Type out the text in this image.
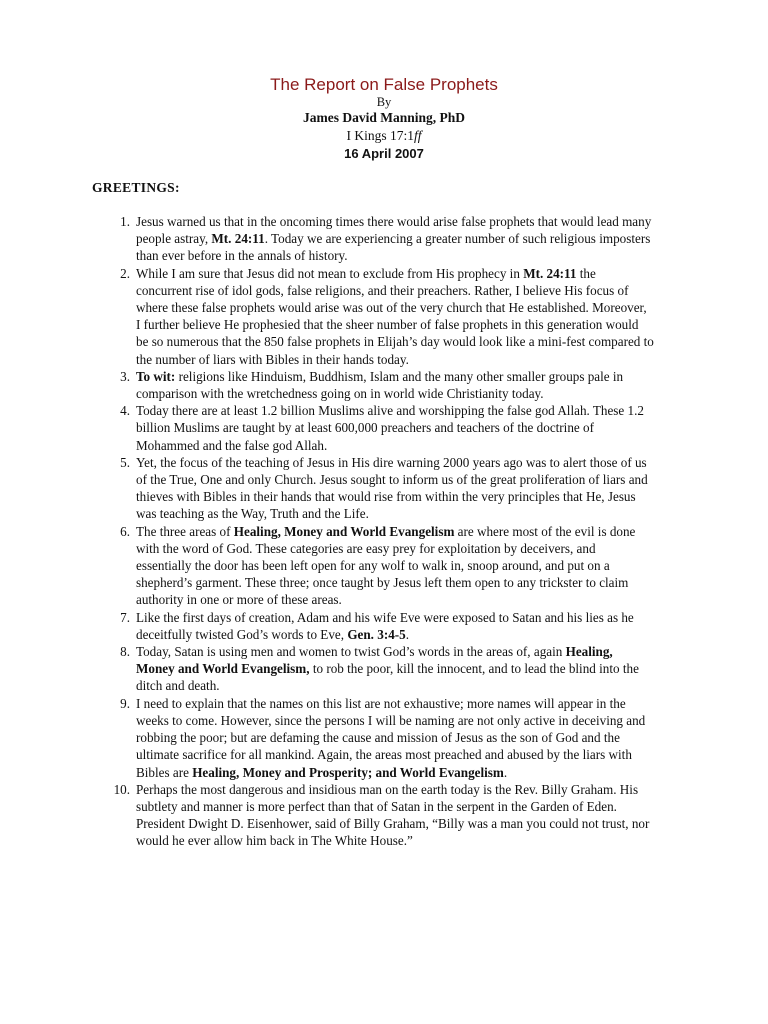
The Report on False Prophets
By
James David Manning, PhD
I Kings 17:1ff
16 April 2007
GREETINGS:
1. Jesus warned us that in the oncoming times there would arise false prophets that would lead many people astray, Mt. 24:11. Today we are experiencing a greater number of such religious imposters than ever before in the annals of history.
2. While I am sure that Jesus did not mean to exclude from His prophecy in Mt. 24:11 the concurrent rise of idol gods, false religions, and their preachers. Rather, I believe His focus of where these false prophets would arise was out of the very church that He established. Moreover, I further believe He prophesied that the sheer number of false prophets in this generation would be so numerous that the 850 false prophets in Elijah’s day would look like a mini-fest compared to the number of liars with Bibles in their hands today.
3. To wit: religions like Hinduism, Buddhism, Islam and the many other smaller groups pale in comparison with the wretchedness going on in world wide Christianity today.
4. Today there are at least 1.2 billion Muslims alive and worshipping the false god Allah. These 1.2 billion Muslims are taught by at least 600,000 preachers and teachers of the doctrine of Mohammed and the false god Allah.
5. Yet, the focus of the teaching of Jesus in His dire warning 2000 years ago was to alert those of us of the True, One and only Church. Jesus sought to inform us of the great proliferation of liars and thieves with Bibles in their hands that would rise from within the very principles that He, Jesus was teaching as the Way, Truth and the Life.
6. The three areas of Healing, Money and World Evangelism are where most of the evil is done with the word of God. These categories are easy prey for exploitation by deceivers, and essentially the door has been left open for any wolf to walk in, snoop around, and put on a shepherd’s garment. These three; once taught by Jesus left them open to any trickster to claim authority in one or more of these areas.
7. Like the first days of creation, Adam and his wife Eve were exposed to Satan and his lies as he deceitfully twisted God’s words to Eve, Gen. 3:4-5.
8. Today, Satan is using men and women to twist God’s words in the areas of, again Healing, Money and World Evangelism, to rob the poor, kill the innocent, and to lead the blind into the ditch and death.
9. I need to explain that the names on this list are not exhaustive; more names will appear in the weeks to come. However, since the persons I will be naming are not only active in deceiving and robbing the poor; but are defaming the cause and mission of Jesus as the son of God and the ultimate sacrifice for all mankind. Again, the areas most preached and abused by the liars with Bibles are Healing, Money and Prosperity; and World Evangelism.
10. Perhaps the most dangerous and insidious man on the earth today is the Rev. Billy Graham. His subtlety and manner is more perfect than that of Satan in the serpent in the Garden of Eden. President Dwight D. Eisenhower, said of Billy Graham, “Billy was a man you could not trust, nor would he ever allow him back in The White House.”
